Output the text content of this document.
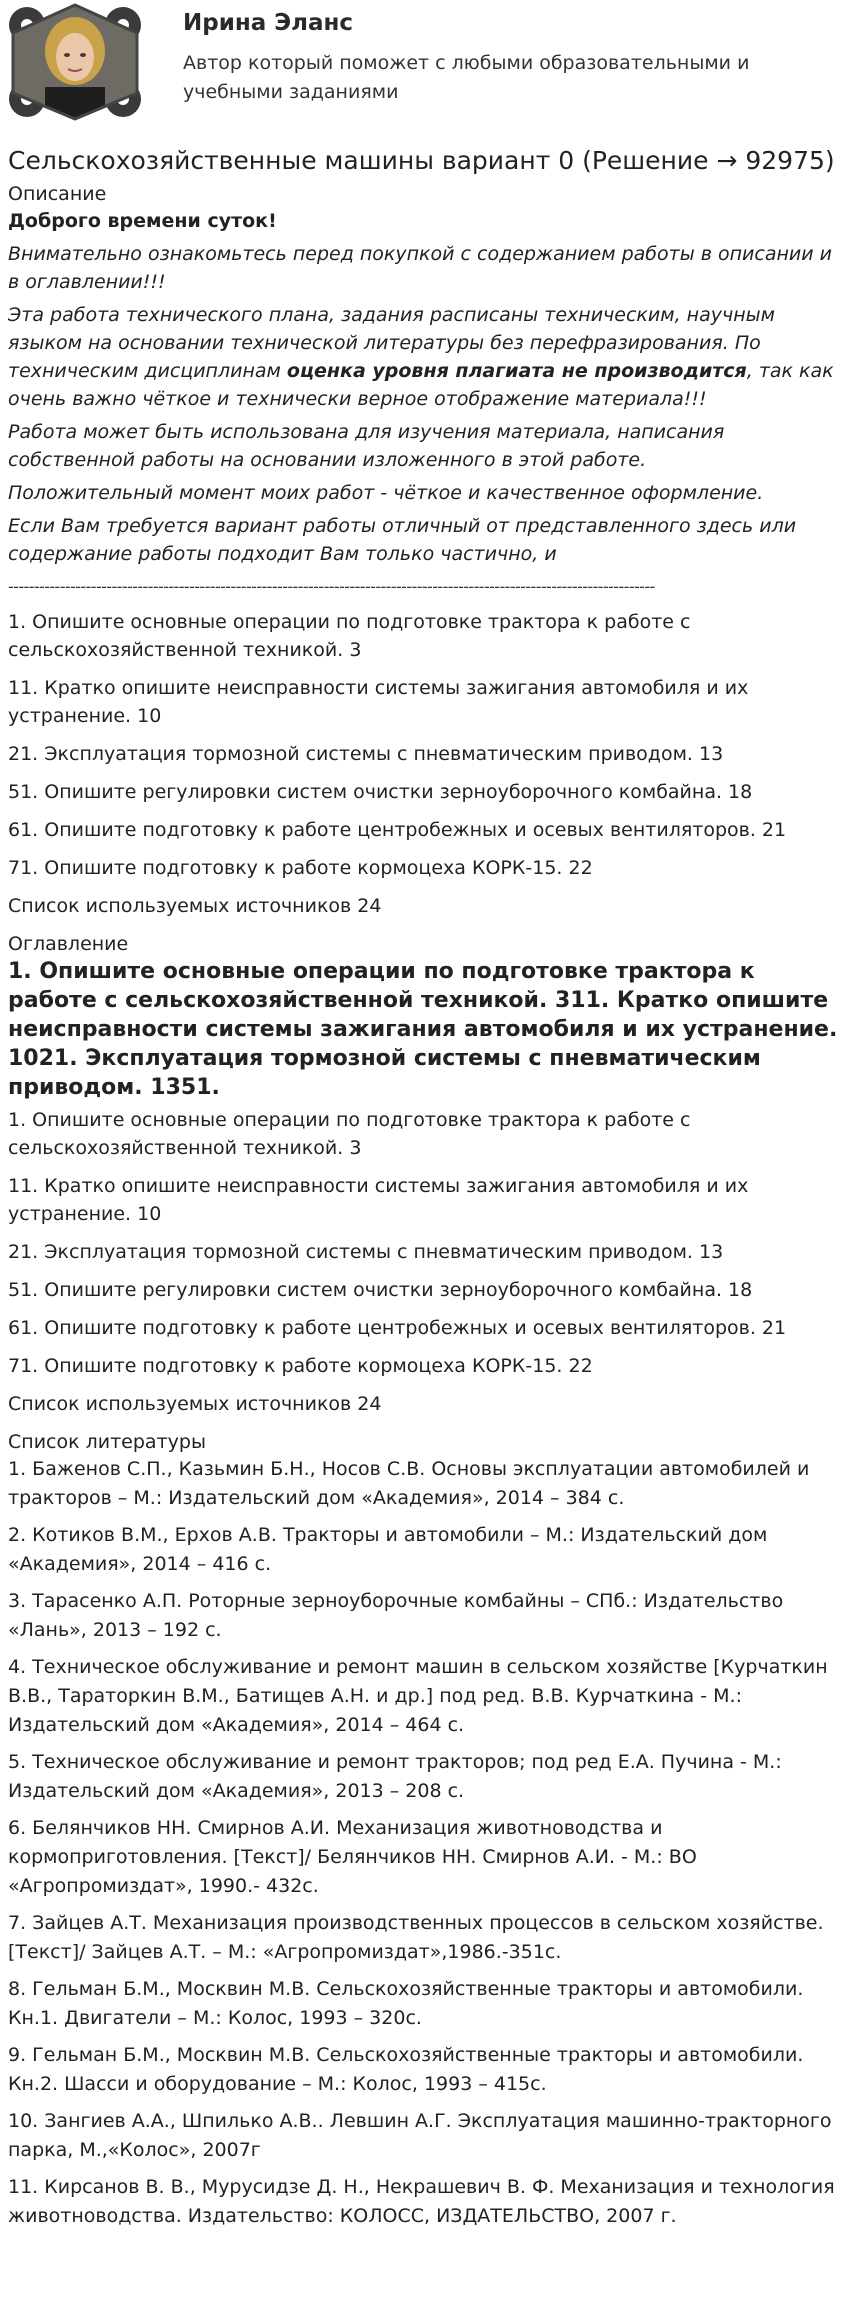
Ирина Эланс
Автор который поможет с любыми образовательными и учебными заданиями
Сельскохозяйственные машины вариант 0 (Решение → 92975)
Описание

Доброго времени суток!

Внимательно ознакомьтесь перед покупкой с содержанием работы в описании и в оглавлении!!!

Эта работа технического плана, задания расписаны техническим, научным языком на основании технической литературы без перефразирования. По техническим дисциплинам оценка уровня плагиата не производится, так как очень важно чёткое и технически верное отображение материала!!!

Работа может быть использована для изучения материала, написания собственной работы на основании изложенного в этой работе.

Положительный момент моих работ - чёткое и качественное оформление.

Если Вам требуется вариант работы отличный от представленного здесь или содержание работы подходит Вам только частично, и

-----------------------------------------------------------------------------------------------------------------------------
1. Опишите основные операции по подготовке трактора к работе с сельскохозяйственной техникой. 3
11. Кратко опишите неисправности системы зажигания автомобиля и их устранение. 10
21. Эксплуатация тормозной системы с пневматическим приводом. 13
51. Опишите регулировки систем очистки зерноуборочного комбайна. 18
61. Опишите подготовку к работе центробежных и осевых вентиляторов. 21
71. Опишите подготовку к работе кормоцеха КОРК-15. 22
Список используемых источников 24
Оглавление
1. Опишите основные операции по подготовке трактора к работе с сельскохозяйственной техникой. 311. Кратко опишите неисправности системы зажигания автомобиля и их устранение. 1021. Эксплуатация тормозной системы с пневматическим приводом. 1351.
1. Опишите основные операции по подготовке трактора к работе с сельскохозяйственной техникой. 3
11. Кратко опишите неисправности системы зажигания автомобиля и их устранение. 10
21. Эксплуатация тормозной системы с пневматическим приводом. 13
51. Опишите регулировки систем очистки зерноуборочного комбайна. 18
61. Опишите подготовку к работе центробежных и осевых вентиляторов. 21
71. Опишите подготовку к работе кормоцеха КОРК-15. 22
Список используемых источников 24
Список литературы
1. Баженов С.П., Казьмин Б.Н., Носов С.В. Основы эксплуатации автомобилей и тракторов – М.: Издательский дом «Академия», 2014 – 384 с.
2. Котиков В.М., Ерхов А.В. Тракторы и автомобили – М.: Издательский дом «Академия», 2014 – 416 с.
3. Тарасенко А.П. Роторные зерноуборочные комбайны – СПб.: Издательство «Лань», 2013 – 192 с.
4. Техническое обслуживание и ремонт машин в сельском хозяйстве [Курчаткин В.В., Тараторкин В.М., Батищев А.Н. и др.] под ред. В.В. Курчаткина - М.: Издательский дом «Академия», 2014 – 464 с.
5. Техническое обслуживание и ремонт тракторов; под ред Е.А. Пучина - М.: Издательский дом «Академия», 2013 – 208 с.
6. Белянчиков НН. Смирнов А.И. Механизация животноводства и кормоприготовления. [Текст]/ Белянчиков НН. Смирнов А.И. - М.: ВО «Агропромиздат», 1990.- 432с.
7. Зайцев А.Т. Механизация производственных процессов в сельском хозяйстве. [Текст]/ Зайцев А.Т. – М.: «Агропромиздат»,1986.-351с.
8. Гельман Б.М., Москвин М.В. Сельскохозяйственные тракторы и автомобили. Кн.1. Двигатели – М.: Колос, 1993 – 320с.
9. Гельман Б.М., Москвин М.В. Сельскохозяйственные тракторы и автомобили. Кн.2. Шасси и оборудование – М.: Колос, 1993 – 415с.
10. Зангиев А.А., Шпилько А.В.. Левшин А.Г. Эксплуатация машинно-тракторного парка, М.,«Колос», 2007г
11. Кирсанов В. В., Мурусидзе Д. Н., Некрашевич В. Ф. Механизация и технология животноводства. Издательство: КОЛОСС, ИЗДАТЕЛЬСТВО, 2007 г.
